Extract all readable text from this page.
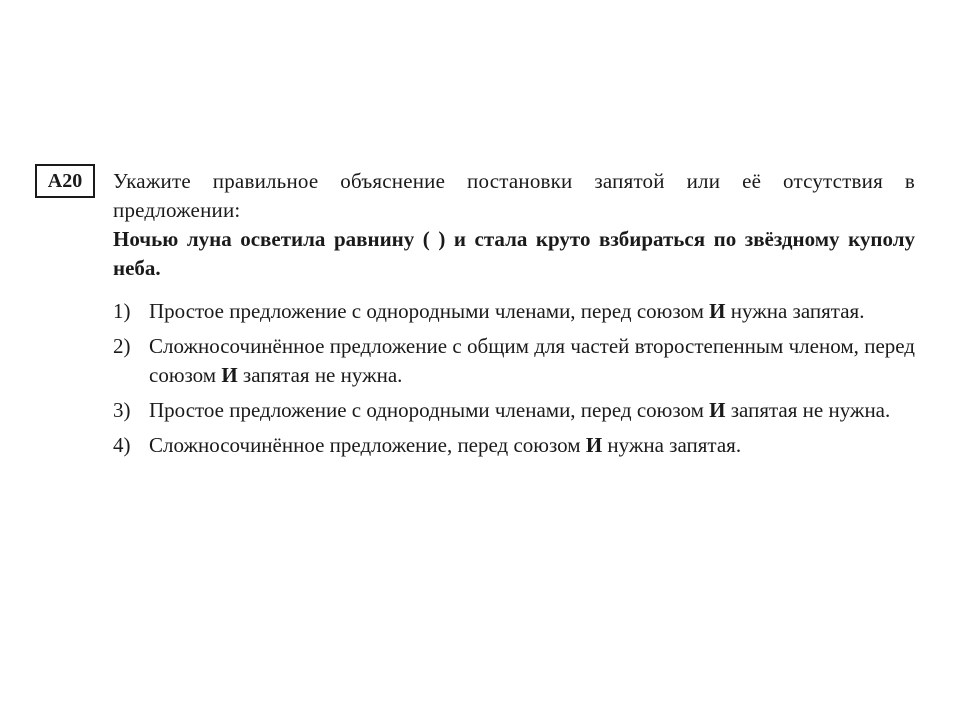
А20	Укажите правильное объяснение постановки запятой или её отсутствия в предложении:

Ночью луна осветила равнину ( ) и стала круто взбираться по звёздному куполу неба.

1) Простое предложение с однородными членами, перед союзом И нужна запятая.
2) Сложносочинённое предложение с общим для частей второстепенным членом, перед союзом И запятая не нужна.
3) Простое предложение с однородными членами, перед союзом И запятая не нужна.
4) Сложносочинённое предложение, перед союзом И нужна запятая.
